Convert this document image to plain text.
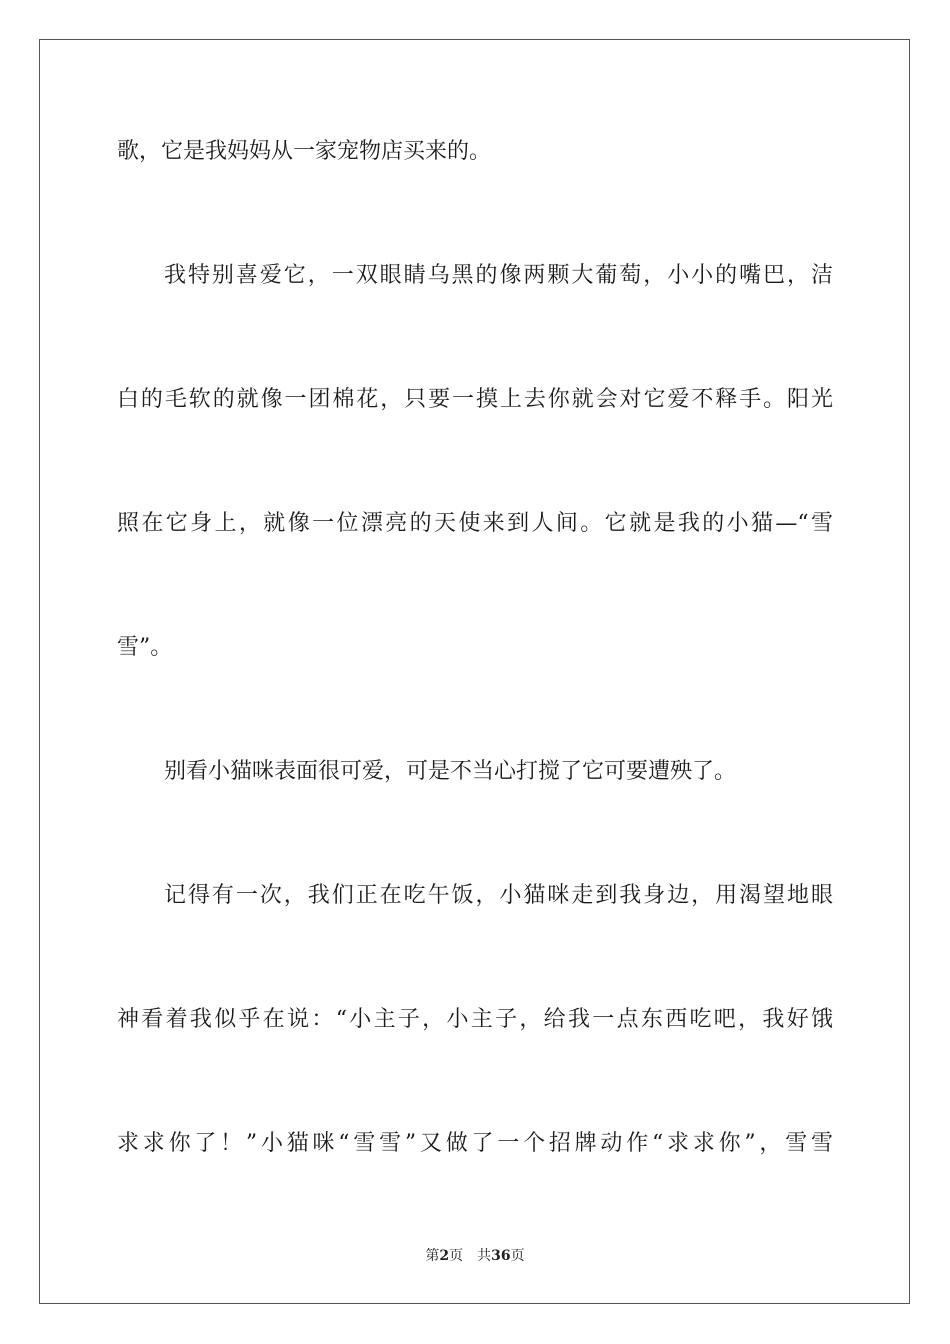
歌，它是我妈妈从一家宠物店买来的。
我特别喜爱它，一双眼睛乌黑的像两颗大葡萄，小小的嘴巴，洁
白的毛软的就像一团棉花，只要一摸上去你就会对它爱不释手。阳光
照在它身上，就像一位漂亮的天使来到人间。它就是我的小猫—“雪
雪”。
别看小猫咪表面很可爱，可是不当心打搅了它可要遭殃了。
记得有一次，我们正在吃午饭，小猫咪走到我身边，用渴望地眼
神看着我似乎在说：“小主子，小主子，给我一点东西吃吧，我好饿
求求你了！”小猫咪“雪雪”又做了一个招牌动作“求求你”，雪雪
第2页 共36页
